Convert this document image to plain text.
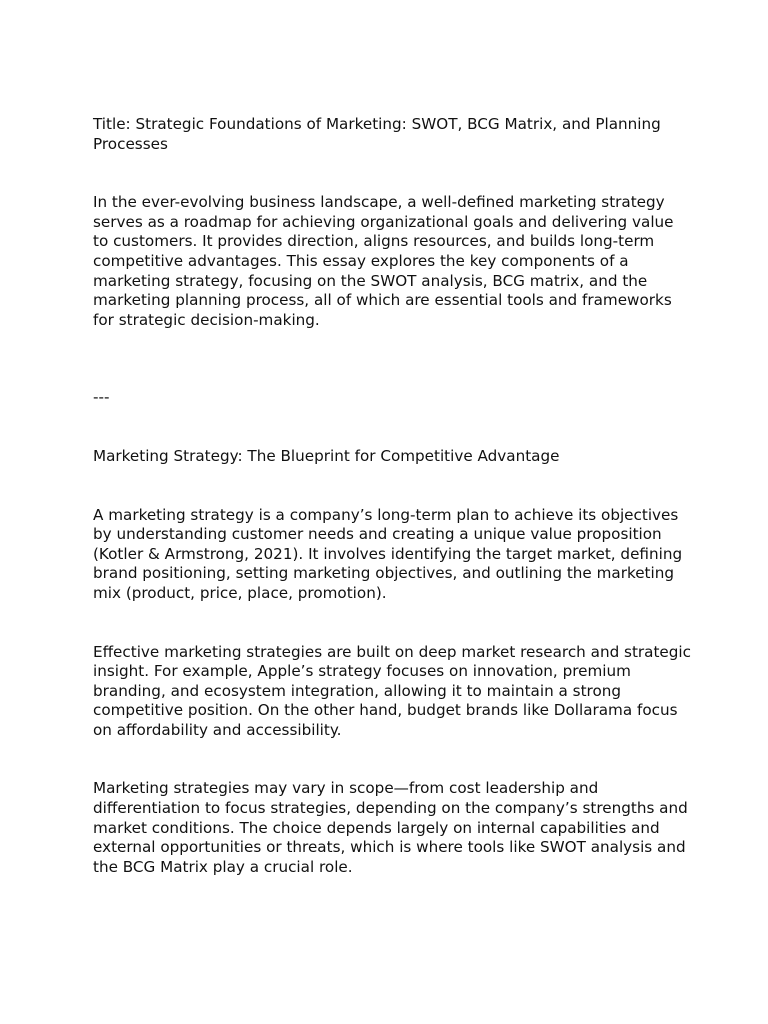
Title: Strategic Foundations of Marketing: SWOT, BCG Matrix, and Planning Processes

In the ever-evolving business landscape, a well-defined marketing strategy serves as a roadmap for achieving organizational goals and delivering value to customers. It provides direction, aligns resources, and builds long-term competitive advantages. This essay explores the key components of a marketing strategy, focusing on the SWOT analysis, BCG matrix, and the marketing planning process, all of which are essential tools and frameworks for strategic decision-making.

---

Marketing Strategy: The Blueprint for Competitive Advantage

A marketing strategy is a company’s long-term plan to achieve its objectives by understanding customer needs and creating a unique value proposition (Kotler & Armstrong, 2021). It involves identifying the target market, defining brand positioning, setting marketing objectives, and outlining the marketing mix (product, price, place, promotion).

Effective marketing strategies are built on deep market research and strategic insight. For example, Apple’s strategy focuses on innovation, premium branding, and ecosystem integration, allowing it to maintain a strong competitive position. On the other hand, budget brands like Dollarama focus on affordability and accessibility.

Marketing strategies may vary in scope—from cost leadership and differentiation to focus strategies, depending on the company’s strengths and market conditions. The choice depends largely on internal capabilities and external opportunities or threats, which is where tools like SWOT analysis and the BCG Matrix play a crucial role.
